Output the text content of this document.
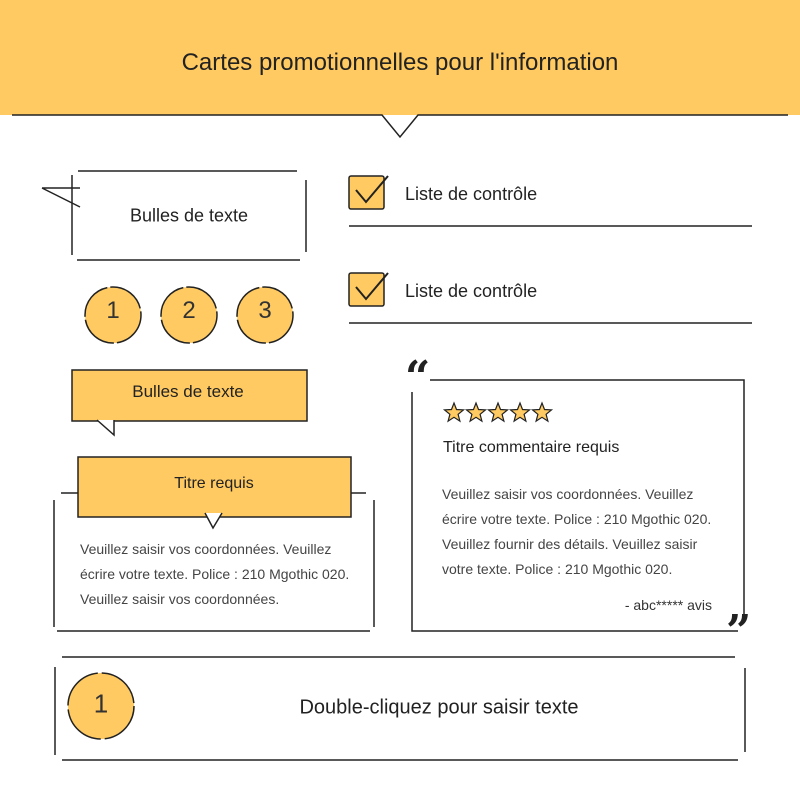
Cartes promotionnelles pour l'information
Bulles de texte
1	2	3
Liste de contrôle
Liste de contrôle
Bulles de texte
Titre requis
Veuillez saisir vos coordonnées. Veuillez écrire votre texte. Police : 210 Mgothic 020. Veuillez saisir vos coordonnées.
“
”
Titre commentaire requis
Veuillez saisir vos coordonnées. Veuillez écrire votre texte. Police : 210 Mgothic 020. Veuillez fournir des détails. Veuillez saisir votre texte. Police : 210 Mgothic 020.
- abc***** avis
1	Double-cliquez pour saisir texte
